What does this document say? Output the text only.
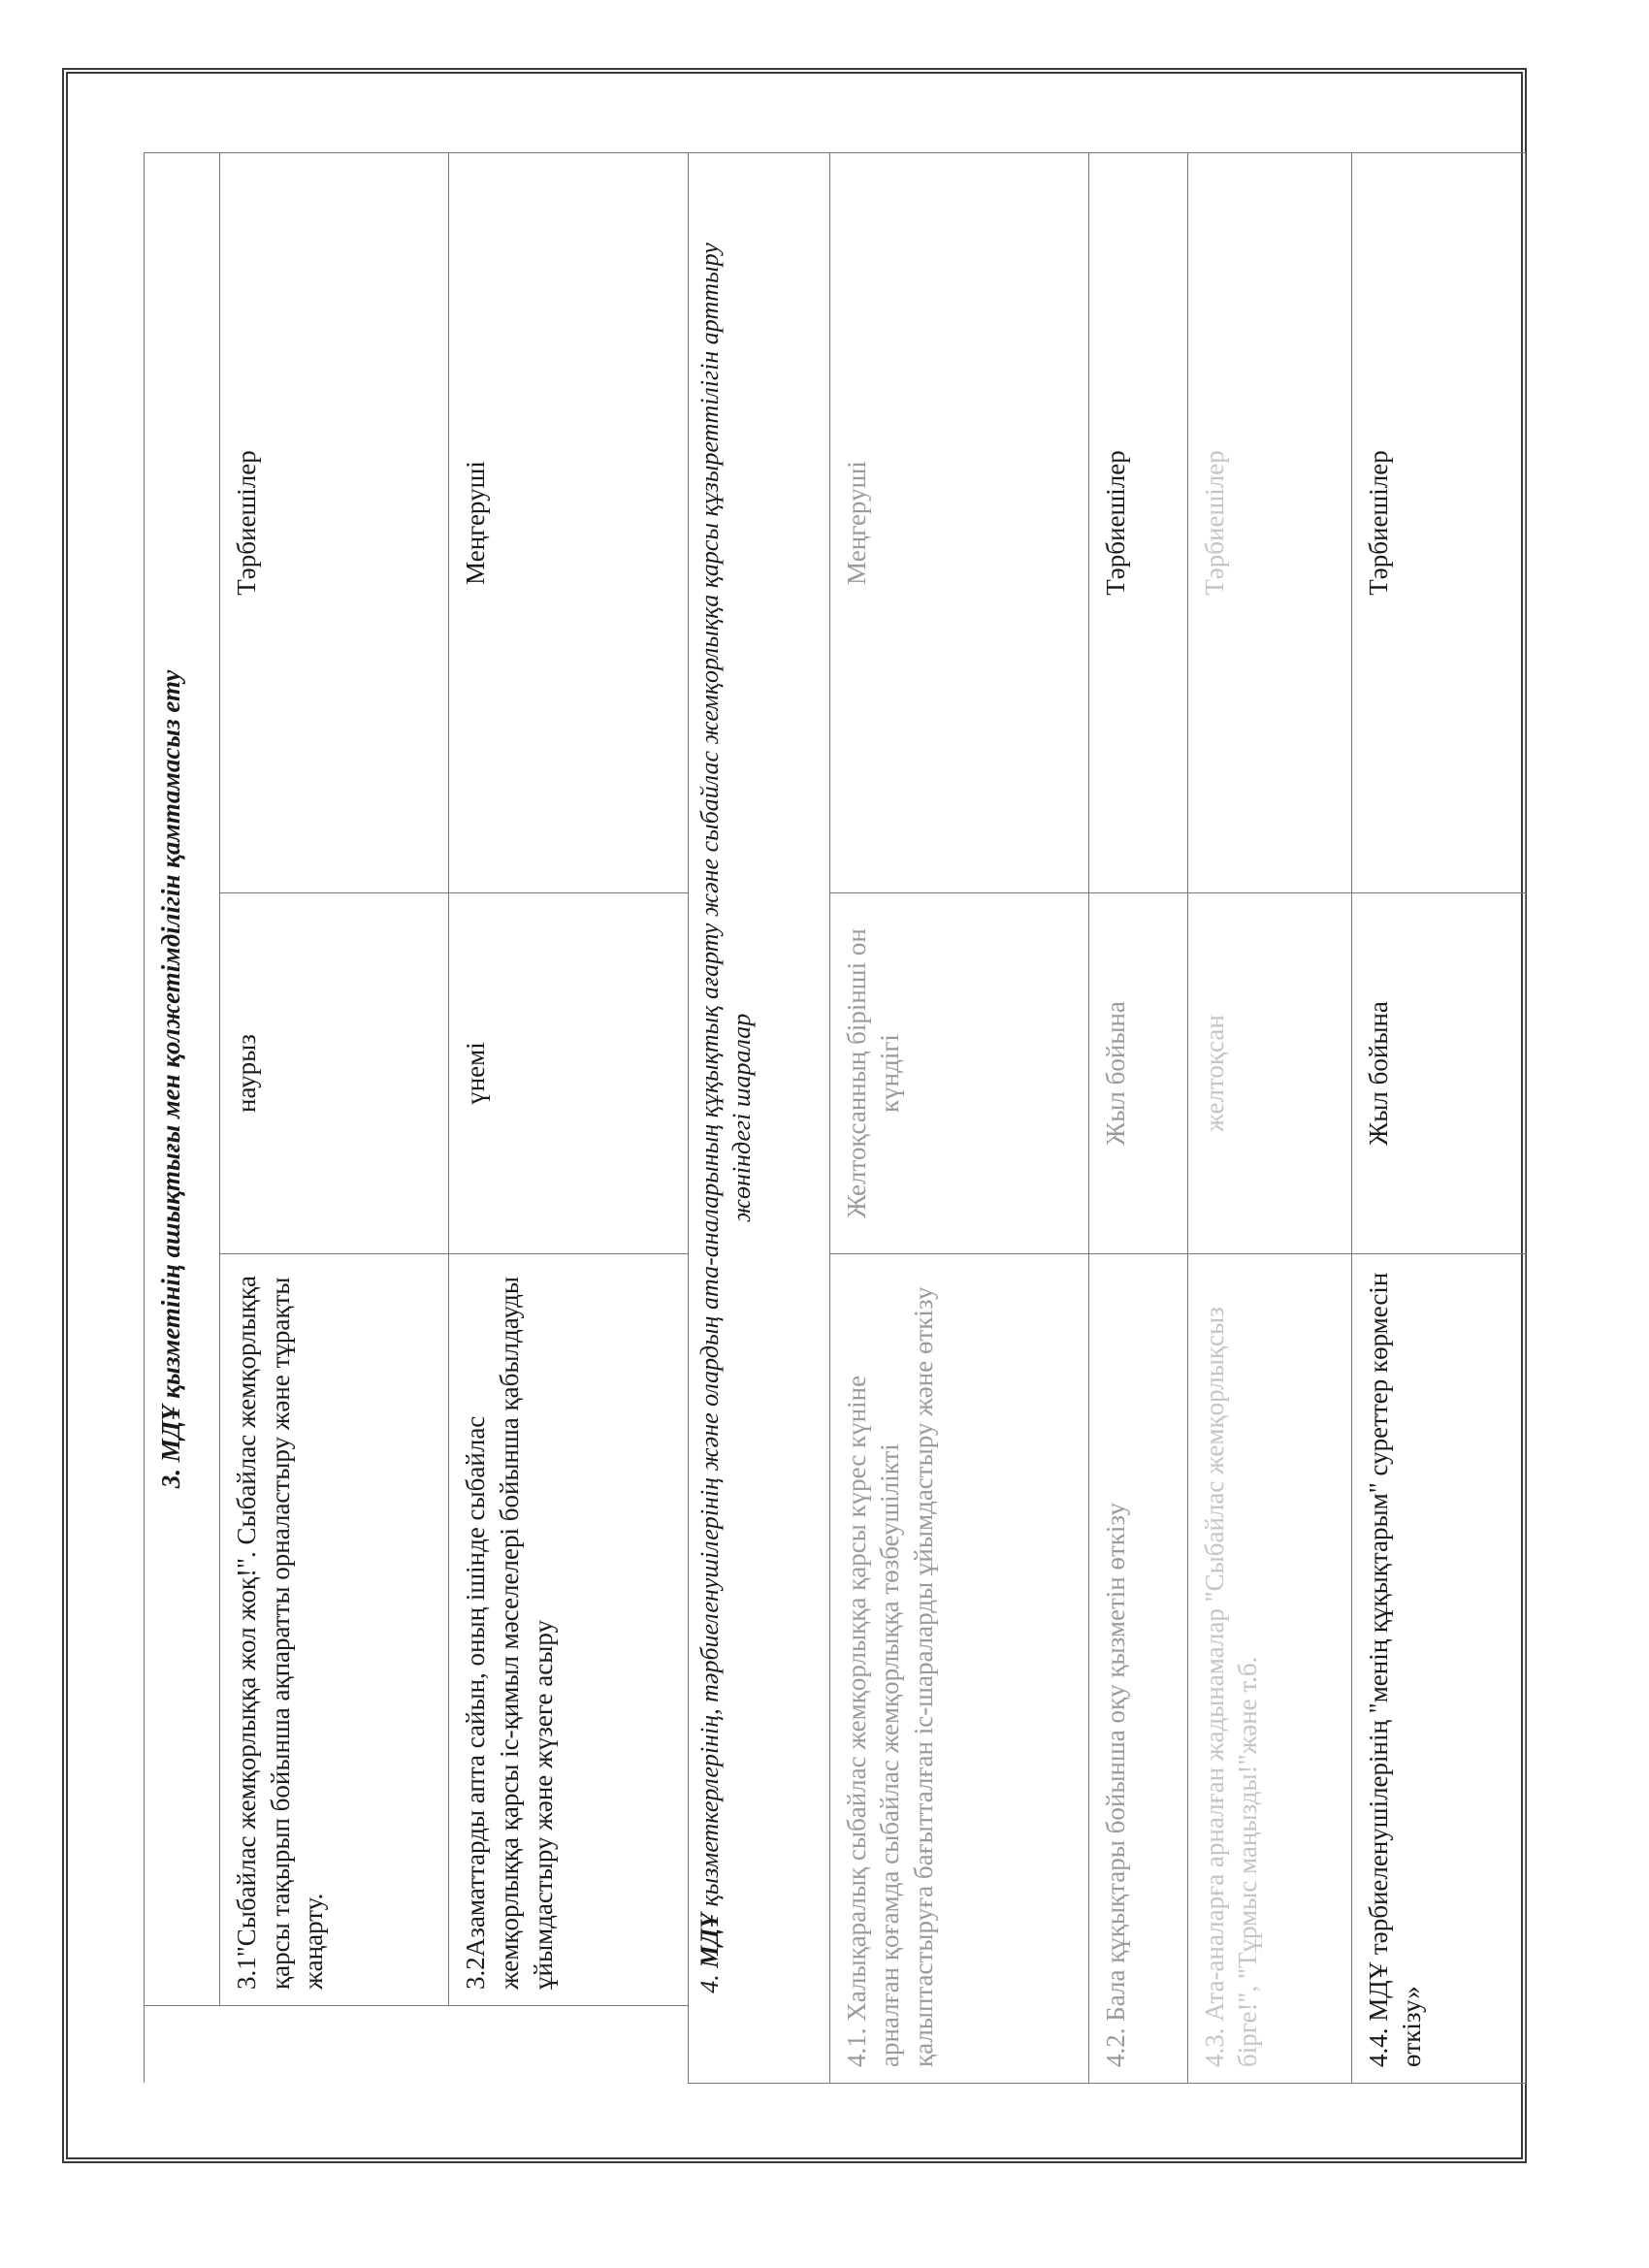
	3. МДҰ қызметінің ашықтығы мен қолжетімділігін қамтамасыз ету		
	3.1"Сыбайлас жемқорлыққа жол жоқ!". Сыбайлас жемқорлыққа қарсы тақырып бойынша ақпаратты орналастыру және тұрақты жаңарту.	наурыз	Тәрбиешілер
	3.2Азаматтарды апта сайын, оның ішінде сыбайлас жемқорлыққа қарсы іс-қимыл мәселелері бойынша қабылдауды ұйымдастыру және жүзеге асыру	үнемі	Меңгеруші
4. МДҰ қызметкерлерінің, тәрбиеленушілерінің және олардың ата-аналарының құқықтық ағарту және сыбайлас жемқорлыққа қарсы құзыреттілігін арттыру жөніндегі шаралар			
4.1. Халықаралық сыбайлас жемқорлыққа қарсы күрес күніне арналған қоғамда сыбайлас жемқорлыққа төзбеушілікті қалыптастыруға бағытталған іс-шараларды ұйымдастыру және өткізу		Желтоқсанның бірінші он күндігі	Меңгеруші
4.2. Бала құқықтары бойынша оқу қызметін өткізу		Жыл бойына	Тәрбиешілер
4.3. Ата-аналарға арналған жадынамалар "Сыбайлас жемқорлықсыз бірге!", "Тұрмыс маңызды!"және т.б.		желтоқсан	Тәрбиешілер
4.4. МДҰ тәрбиеленушілерінің "менің құқықтарым" суреттер көрмесін өткізу»		Жыл бойына	Тәрбиешілер
